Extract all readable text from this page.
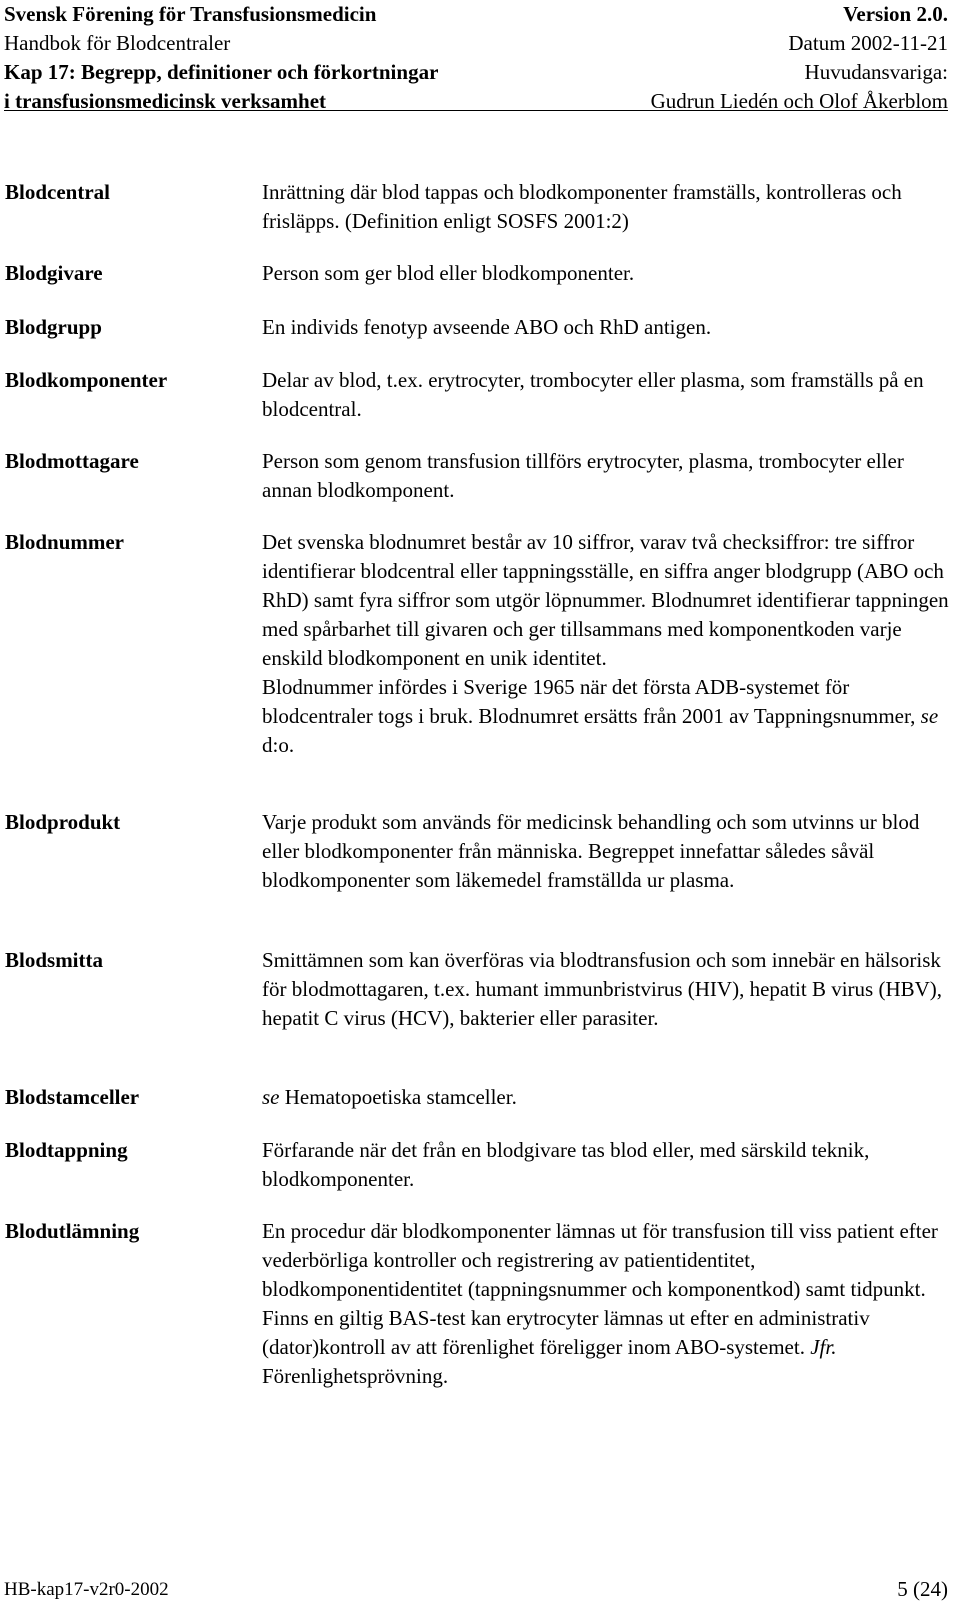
Svensk Förening för Transfusionsmedicin	Version 2.0.
Handbok för Blodcentraler	Datum 2002-11-21
Kap 17: Begrepp, definitioner och förkortningar	Huvudansvariga:
i transfusionsmedicinsk verksamhet	Gudrun Liedén och Olof Åkerblom
Blodcentral	Inrättning där blod tappas och blodkomponenter framställs, kontrolleras och frisläpps. (Definition enligt SOSFS 2001:2)

Blodgivare	Person som ger blod eller blodkomponenter.

Blodgrupp	En individs fenotyp avseende ABO och RhD antigen.

Blodkomponenter	Delar av blod, t.ex. erytrocyter, trombocyter eller plasma, som framställs på en blodcentral.

Blodmottagare	Person som genom transfusion tillförs erytrocyter, plasma, trombocyter eller annan blodkomponent.

Blodnummer	Det svenska blodnumret består av 10 siffror, varav två checksiffror: tre siffror identifierar blodcentral eller tappningsställe, en siffra anger blodgrupp (ABO och RhD) samt fyra siffror som utgör löpnummer. Blodnumret identifierar tappningen med spårbarhet till givaren och ger tillsammans med komponentkoden varje enskild blodkomponent en unik identitet.

Blodnummer infördes i Sverige 1965 när det första ADB-systemet för blodcentraler togs i bruk. Blodnumret ersätts från 2001 av Tappningsnummer, se d:o.

Blodprodukt	Varje produkt som används för medicinsk behandling och som utvinns ur blod eller blodkomponenter från människa. Begreppet innefattar således såväl blodkomponenter som läkemedel framställda ur plasma.

Blodsmitta	Smittämnen som kan överföras via blodtransfusion och som innebär en hälsorisk för blodmottagaren, t.ex. humant immunbristvirus (HIV), hepatit B virus (HBV), hepatit C virus (HCV), bakterier eller parasiter.

Blodstamceller	se Hematopoetiska stamceller.

Blodtappning	Förfarande när det från en blodgivare tas blod eller, med särskild teknik, blodkomponenter.

Blodutlämning	En procedur där blodkomponenter lämnas ut för transfusion till viss patient efter vederbörliga kontroller och registrering av patientidentitet, blodkomponentidentitet (tappningsnummer och komponentkod) samt tidpunkt.

Finns en giltig BAS-test kan erytrocyter lämnas ut efter en administrativ (dator)kontroll av att förenlighet föreligger inom ABO-systemet. Jfr. Förenlighetsprövning.

HB-kap17-v2r0-2002	5 (24)
